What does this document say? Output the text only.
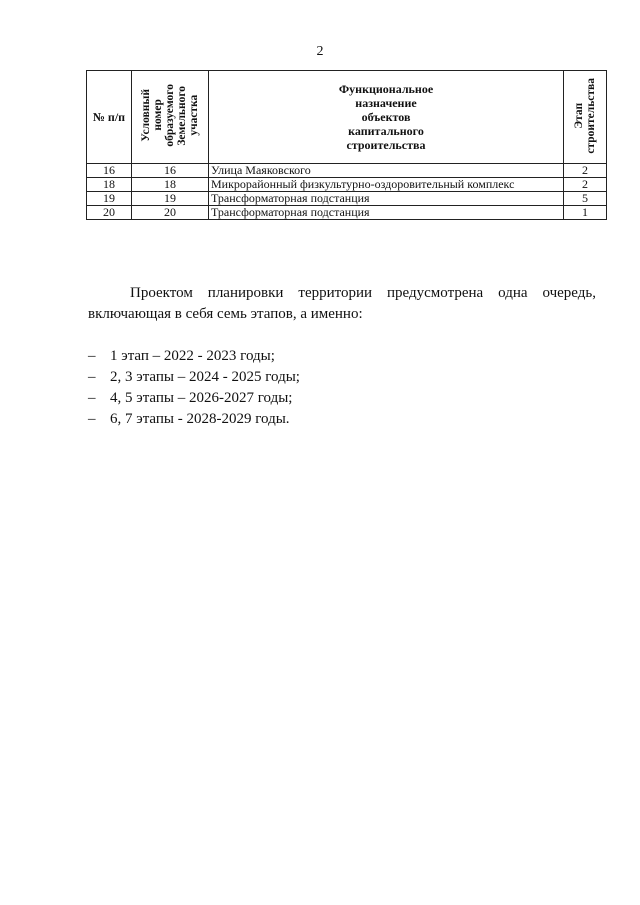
2
№ п/п	Условный
номер
образуемого
Земельного
участка	Функциональное
назначение
объектов
капитального
строительства	Этап
строительства
16	16	Улица Маяковского	2
18	18	Микрорайонный физкультурно-оздоровительный комплекс	2
19	19	Трансформаторная подстанция	5
20	20	Трансформаторная подстанция	1

Проектом планировки территории предусмотрена одна очередь, включающая в себя семь этапов, а именно:

– 1 этап – 2022 - 2023 годы;
– 2, 3 этапы – 2024 - 2025 годы;
– 4, 5 этапы – 2026-2027 годы;
– 6, 7 этапы - 2028-2029 годы.
